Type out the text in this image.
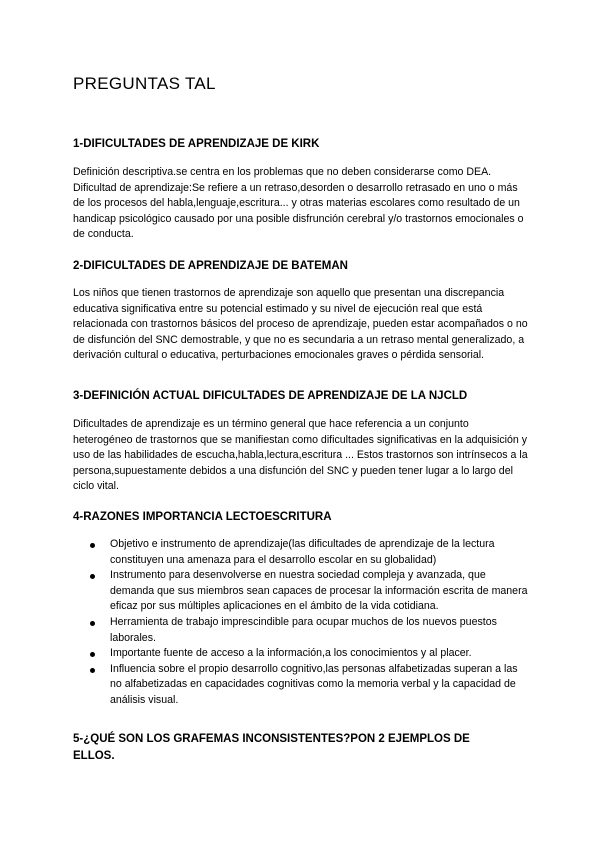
PREGUNTAS TAL
1-DIFICULTADES DE APRENDIZAJE DE KIRK

Definición descriptiva.se centra en los problemas que no deben considerarse como DEA. Dificultad de aprendizaje:Se refiere a un retraso,desorden o desarrollo retrasado en uno o más de los procesos del habla,lenguaje,escritura... y otras materias escolares como resultado de un handicap psicológico causado por una posible disfrunción cerebral y/o trastornos emocionales o de conducta.

2-DIFICULTADES DE APRENDIZAJE DE BATEMAN

Los niños que tienen trastornos de aprendizaje son aquello que presentan una discrepancia educativa significativa entre su potencial estimado y su nivel de ejecución real que está relacionada con trastornos básicos del proceso de aprendizaje, pueden estar acompañados o no de disfunción del SNC demostrable, y que no es secundaria a un retraso mental generalizado, a derivación cultural o educativa, perturbaciones emocionales graves o pérdida sensorial.

3-DEFINICIÓN ACTUAL DIFICULTADES DE APRENDIZAJE DE LA NJCLD

Dificultades de aprendizaje es un término general que hace referencia a un conjunto heterogéneo de trastornos que se manifiestan como dificultades significativas en la adquisición y uso de las habilidades de escucha,habla,lectura,escritura ... Estos trastornos son intrínsecos a la persona,supuestamente debidos a una disfunción del SNC y pueden tener lugar a lo largo del ciclo vital.

4-RAZONES IMPORTANCIA LECTOESCRITURA
Objetivo e instrumento de aprendizaje(las dificultades de aprendizaje de la lectura constituyen una amenaza para el desarrollo escolar en su globalidad)
Instrumento para desenvolverse en nuestra sociedad compleja y avanzada, que demanda que sus miembros sean capaces de procesar la información escrita de manera eficaz por sus múltiples aplicaciones en el ámbito de la vida cotidiana.
Herramienta de trabajo imprescindible para ocupar muchos de los nuevos puestos laborales.
Importante fuente de acceso a la información,a los conocimientos y al placer.
Influencia sobre el propio desarrollo cognitivo,las personas alfabetizadas superan a las no alfabetizadas en capacidades cognitivas como la memoria verbal y la capacidad de análisis visual.
5-¿QUÉ SON LOS GRAFEMAS INCONSISTENTES?PON 2 EJEMPLOS DE ELLOS.
